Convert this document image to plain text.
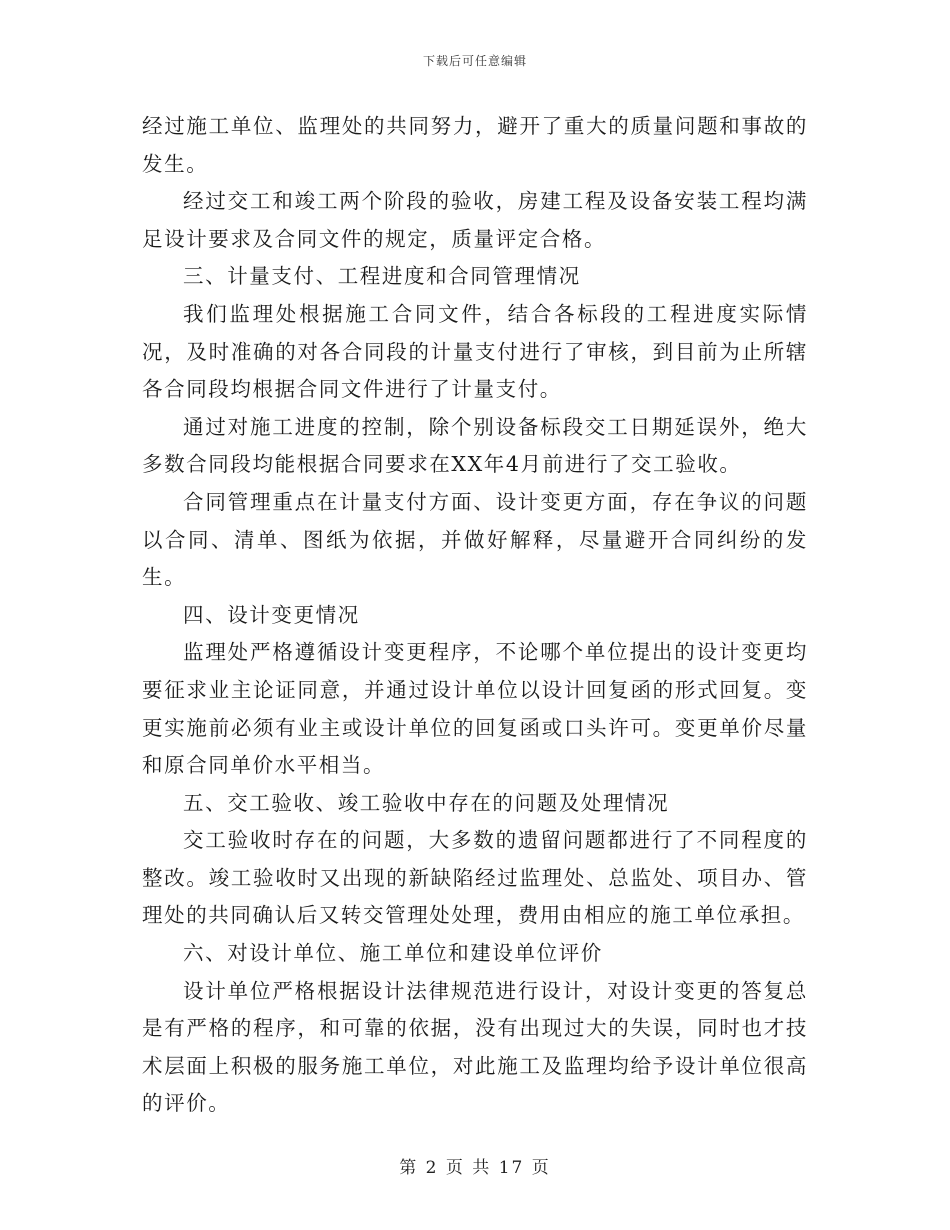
下载后可任意编辑

经过施工单位、监理处的共同努力，避开了重大的质量问题和事故的发生。

经过交工和竣工两个阶段的验收，房建工程及设备安装工程均满足设计要求及合同文件的规定，质量评定合格。

三、计量支付、工程进度和合同管理情况

我们监理处根据施工合同文件，结合各标段的工程进度实际情况，及时准确的对各合同段的计量支付进行了审核，到目前为止所辖各合同段均根据合同文件进行了计量支付。

通过对施工进度的控制，除个别设备标段交工日期延误外，绝大多数合同段均能根据合同要求在XX年4月前进行了交工验收。

合同管理重点在计量支付方面、设计变更方面，存在争议的问题以合同、清单、图纸为依据，并做好解释，尽量避开合同纠纷的发生。

四、设计变更情况

监理处严格遵循设计变更程序，不论哪个单位提出的设计变更均要征求业主论证同意，并通过设计单位以设计回复函的形式回复。变更实施前必须有业主或设计单位的回复函或口头许可。变更单价尽量和原合同单价水平相当。

五、交工验收、竣工验收中存在的问题及处理情况

交工验收时存在的问题，大多数的遗留问题都进行了不同程度的整改。竣工验收时又出现的新缺陷经过监理处、总监处、项目办、管理处的共同确认后又转交管理处处理，费用由相应的施工单位承担。

六、对设计单位、施工单位和建设单位评价

设计单位严格根据设计法律规范进行设计，对设计变更的答复总是有严格的程序，和可靠的依据，没有出现过大的失误，同时也才技术层面上积极的服务施工单位，对此施工及监理均给予设计单位很高的评价。

第 2 页 共 17 页
